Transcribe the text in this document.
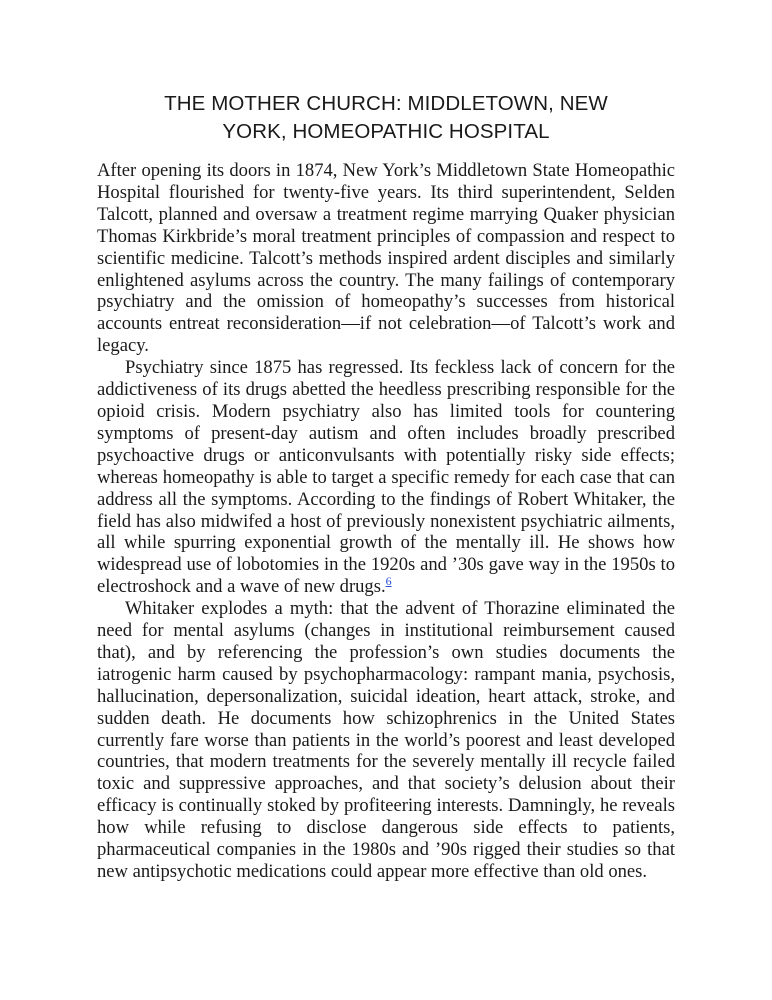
THE MOTHER CHURCH: MIDDLETOWN, NEW YORK, HOMEOPATHIC HOSPITAL

After opening its doors in 1874, New York’s Middletown State Homeopathic Hospital flourished for twenty-five years. Its third superintendent, Selden Talcott, planned and oversaw a treatment regime marrying Quaker physician Thomas Kirkbride’s moral treatment principles of compassion and respect to scientific medicine. Talcott’s methods inspired ardent disciples and similarly enlightened asylums across the country. The many failings of contemporary psychiatry and the omission of homeopathy’s successes from historical accounts entreat reconsideration—if not celebration—of Talcott’s work and legacy.

Psychiatry since 1875 has regressed. Its feckless lack of concern for the addictiveness of its drugs abetted the heedless prescribing responsible for the opioid crisis. Modern psychiatry also has limited tools for countering symptoms of present-day autism and often includes broadly prescribed psychoactive drugs or anticonvulsants with potentially risky side effects; whereas homeopathy is able to target a specific remedy for each case that can address all the symptoms. According to the findings of Robert Whitaker, the field has also midwifed a host of previously nonexistent psychiatric ailments, all while spurring exponential growth of the mentally ill. He shows how widespread use of lobotomies in the 1920s and ’30s gave way in the 1950s to electroshock and a wave of new drugs.$^6$

Whitaker explodes a myth: that the advent of Thorazine eliminated the need for mental asylums (changes in institutional reimbursement caused that), and by referencing the profession’s own studies documents the iatrogenic harm caused by psychopharmacology: rampant mania, psychosis, hallucination, depersonalization, suicidal ideation, heart attack, stroke, and sudden death. He documents how schizophrenics in the United States currently fare worse than patients in the world’s poorest and least developed countries, that modern treatments for the severely mentally ill recycle failed toxic and suppressive approaches, and that society’s delusion about their efficacy is continually stoked by profiteering interests. Damningly, he reveals how while refusing to disclose dangerous side effects to patients, pharmaceutical companies in the 1980s and ’90s rigged their studies so that new antipsychotic medications could appear more effective than old ones.
